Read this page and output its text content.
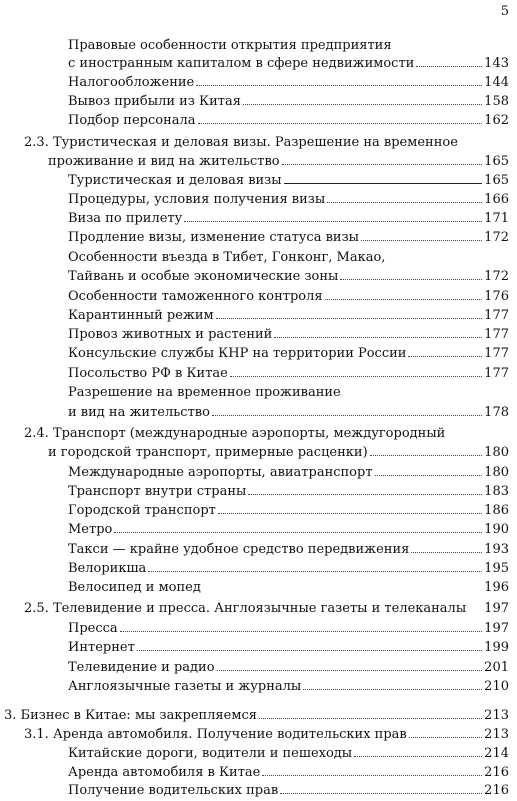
5
Правовые особенности открытия предприятия
с иностранным капиталом в сфере недвижимости	143
Налогообложение	144
Вывоз прибыли из Китая	158
Подбор персонала	162
2.3. Туристическая и деловая визы. Разрешение на временное
проживание и вид на жительство	165
Туристическая и деловая визы	165
Процедуры, условия получения визы	166
Виза по прилету	171
Продление визы, изменение статуса визы	172
Особенности въезда в Тибет, Гонконг, Макао,
Тайвань и особые экономические зоны	172
Особенности таможенного контроля	176
Карантинный режим	177
Провоз животных и растений	177
Консульские службы КНР на территории России	177
Посольство РФ в Китае	177
Разрешение на временное проживание
и вид на жительство	178
2.4. Транспорт (международные аэропорты, междугородный
и городской транспорт, примерные расценки)	180
Международные аэропорты, авиатранспорт	180
Транспорт внутри страны	183
Городской транспорт	186
Метро	190
Такси — крайне удобное средство передвижения	193
Велорикша	195
Велосипед и мопед	196
2.5. Телевидение и пресса. Англоязычные газеты и телеканалы 197
Пресса	197
Интернет	199
Телевидение и радио	201
Англоязычные газеты и журналы	210
3. Бизнес в Китае: мы закрепляемся	213
3.1. Аренда автомобиля. Получение водительских прав	213
Китайские дороги, водители и пешеходы	214
Аренда автомобиля в Китае	216
Получение водительских прав	216
